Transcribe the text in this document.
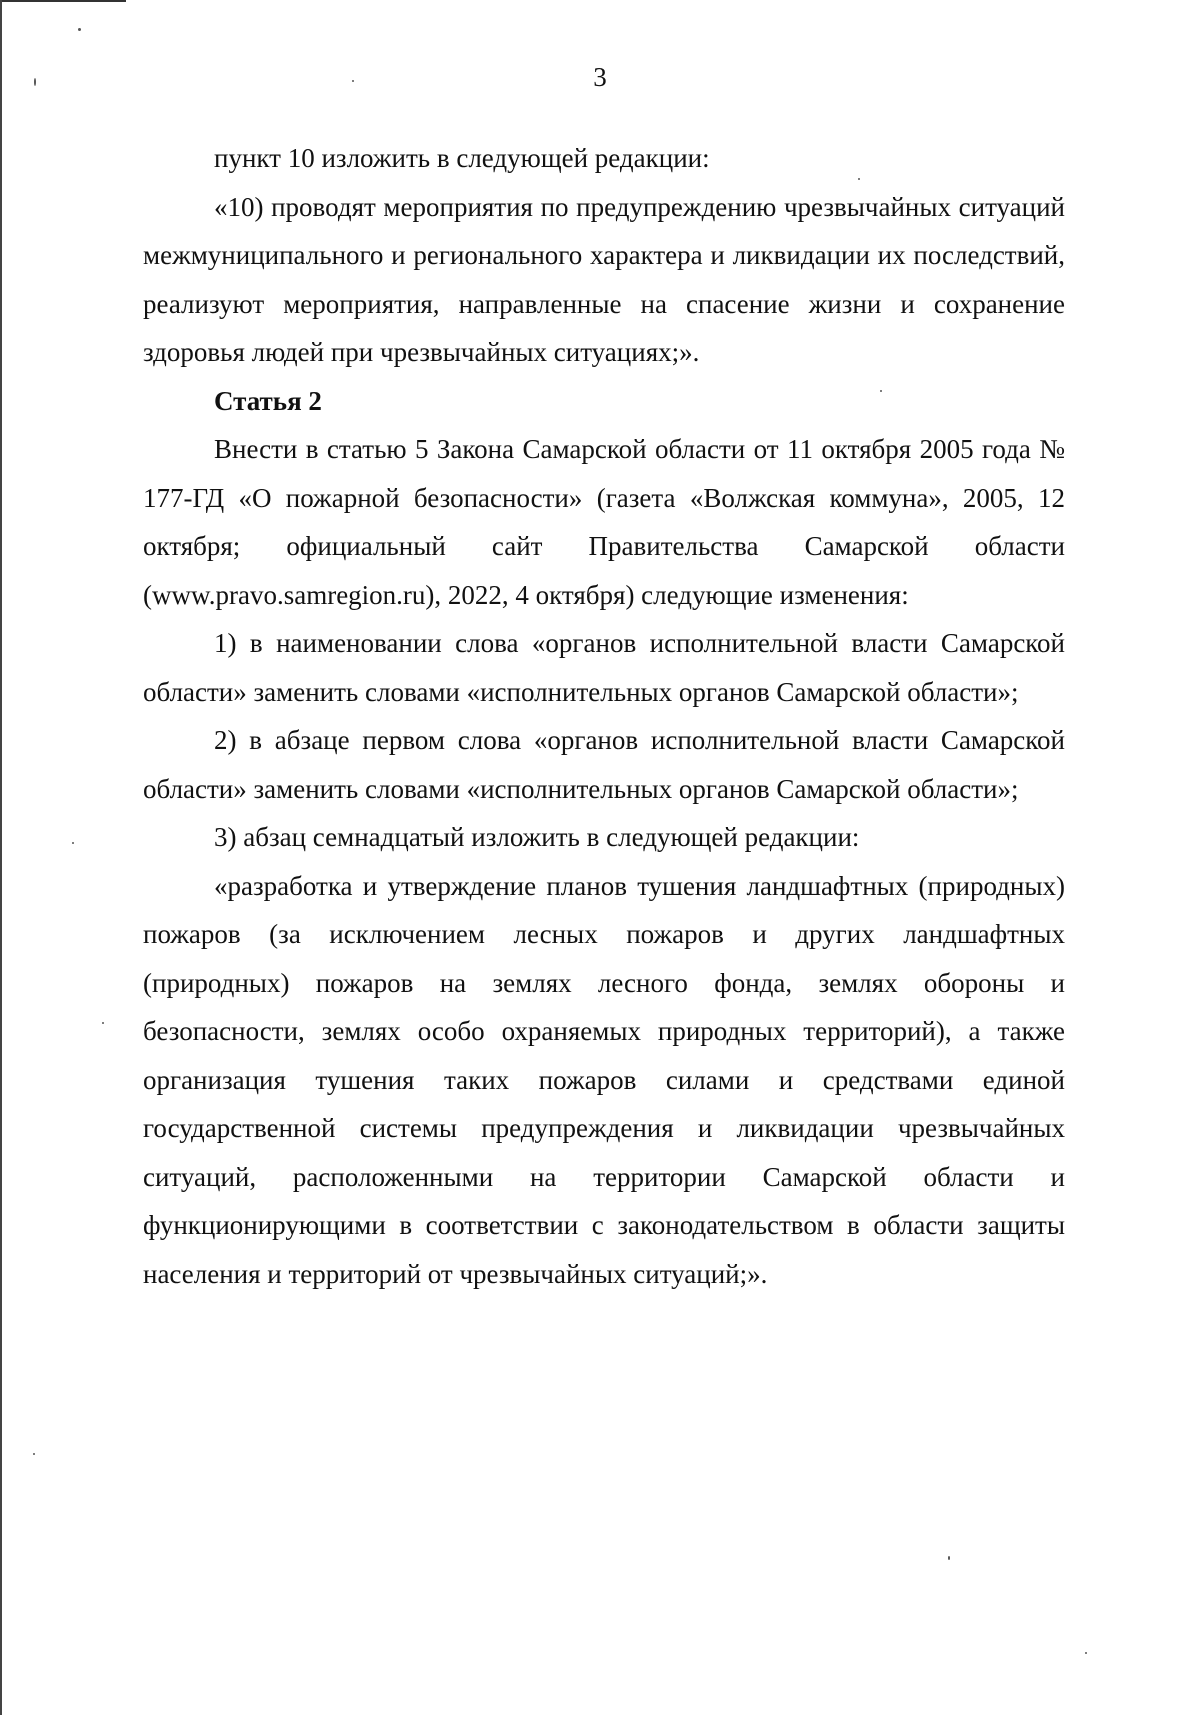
3

пункт 10 изложить в следующей редакции:

«10) проводят мероприятия по предупреждению чрезвычайных ситуаций межмуниципального и регионального характера и ликвидации их последствий, реализуют мероприятия, направленные на спасение жизни и сохранение здоровья людей при чрезвычайных ситуациях;».

Статья 2

Внести в статью 5 Закона Самарской области от 11 октября 2005 года № 177-ГД «О пожарной безопасности» (газета «Волжская коммуна», 2005, 12 октября; официальный сайт Правительства Самарской области (www.pravo.samregion.ru), 2022, 4 октября) следующие изменения:

1) в наименовании слова «органов исполнительной власти Самарской области» заменить словами «исполнительных органов Самарской области»;

2) в абзаце первом слова «органов исполнительной власти Самарской области» заменить словами «исполнительных органов Самарской области»;

3) абзац семнадцатый изложить в следующей редакции:

«разработка и утверждение планов тушения ландшафтных (природных) пожаров (за исключением лесных пожаров и других ландшафтных (природных) пожаров на землях лесного фонда, землях обороны и безопасности, землях особо охраняемых природных территорий), а также организация тушения таких пожаров силами и средствами единой государственной системы предупреждения и ликвидации чрезвычайных ситуаций, расположенными на территории Самарской области и функционирующими в соответствии с законодательством в области защиты населения и территорий от чрезвычайных ситуаций;».
